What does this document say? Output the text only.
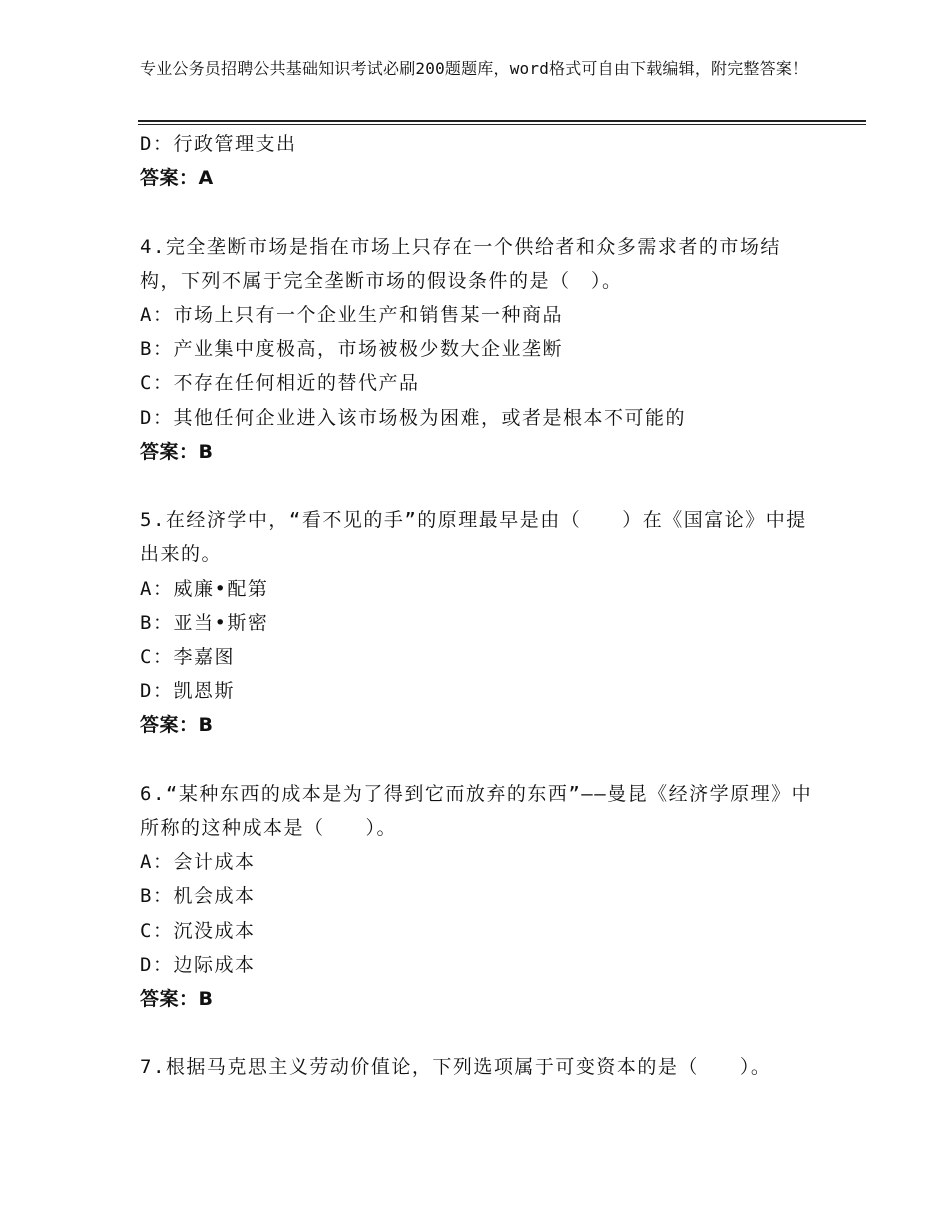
专业公务员招聘公共基础知识考试必刷200题题库，word格式可自由下载编辑，附完整答案！
D：行政管理支出
答案：A
4.完全垄断市场是指在市场上只存在一个供给者和众多需求者的市场结构，下列不属于完全垄断市场的假设条件的是（　）。
A：市场上只有一个企业生产和销售某一种商品
B：产业集中度极高，市场被极少数大企业垄断
C：不存在任何相近的替代产品
D：其他任何企业进入该市场极为困难，或者是根本不可能的
答案：B
5.在经济学中，“看不见的手”的原理最早是由（　　）在《国富论》中提出来的。
A：威廉•配第
B：亚当•斯密
C：李嘉图
D：凯恩斯
答案：B
6.“某种东西的成本是为了得到它而放弃的东西”——曼昆《经济学原理》中所称的这种成本是（　　）。
A：会计成本
B：机会成本
C：沉没成本
D：边际成本
答案：B
7.根据马克思主义劳动价值论，下列选项属于可变资本的是（　　）。
